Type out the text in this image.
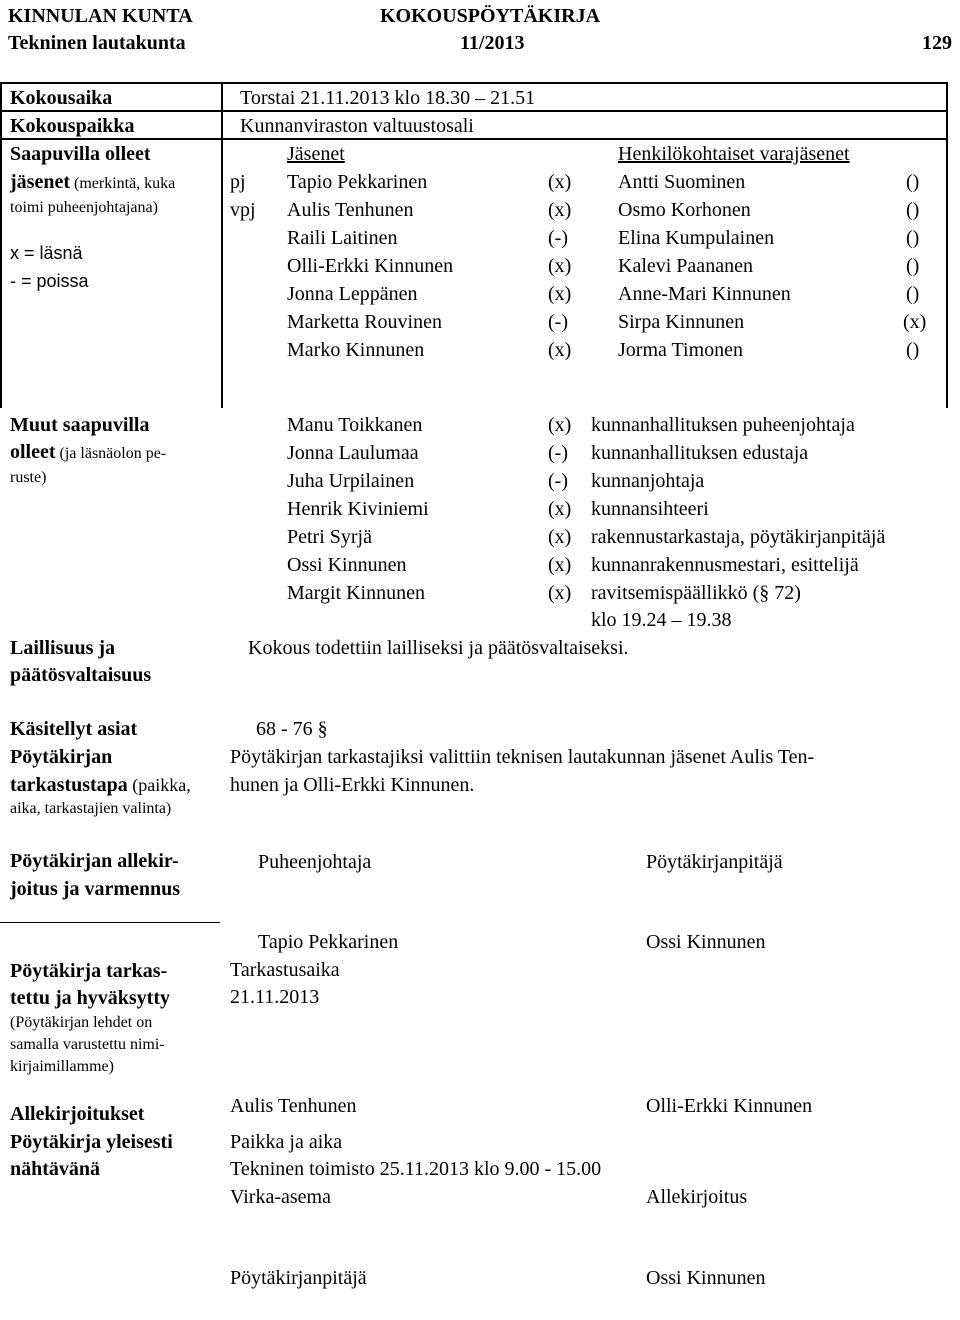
KINNULAN KUNTA	KOKOUSPÖYTÄKIRJA
Tekninen lautakunta	11/2013	129
Kokousaika	Torstai 21.11.2013 klo 18.30 – 21.51
Kokouspaikka	Kunnanviraston valtuustosali
Saapuvilla olleet
jäsenet (merkintä, kuka
toimi puheenjohtajana)
x = läsnä
- = poissa
Jäsenet	Henkilökohtaiset varajäsenet
pj Tapio Pekkarinen	(x) Antti Suominen	()
vpj Aulis Tenhunen	(x) Osmo Korhonen	()
Raili Laitinen	(-)	Elina Kumpulainen	()
Olli-Erkki Kinnunen	(x) Kalevi Paananen	()
Jonna Leppänen	(x) Anne-Mari Kinnunen	()
Marketta Rouvinen	(-)	Sirpa Kinnunen	(x)
Marko Kinnunen	(x) Jorma Timonen	()
Muut saapuvilla
olleet (ja läsnäolon pe-
ruste)
Manu Toikkanen	(x) kunnanhallituksen puheenjohtaja
Jonna Laulumaa	(-) kunnanhallituksen edustaja
Juha Urpilainen	(-) kunnanjohtaja
Henrik Kiviniemi	(x) kunnansihteeri
Petri Syrjä	(x) rakennustarkastaja, pöytäkirjanpitäjä
Ossi Kinnunen	(x) kunnanrakennusmestari, esittelijä
Margit Kinnunen	(x) ravitsemispäällikkö (§ 72)
klo 19.24 – 19.38
Laillisuus ja
päätösvaltaisuus
Kokous todettiin lailliseksi ja päätösvaltaiseksi.
Käsitellyt asiat	68 - 76 §
Pöytäkirjan
tarkastustapa (paikka,
aika, tarkastajien valinta)
Pöytäkirjan tarkastajiksi valittiin teknisen lautakunnan jäsenet Aulis Ten-
hunen ja Olli-Erkki Kinnunen.
Pöytäkirjan allekir-
joitus ja varmennus
Puheenjohtaja	Pöytäkirjanpitäjä
Tapio Pekkarinen	Ossi Kinnunen
Pöytäkirja tarkas-
tettu ja hyväksytty
(Pöytäkirjan lehdet on
samalla varustettu nimi-
kirjaimillamme)
Tarkastusaika
21.11.2013
Allekirjoitukset	Aulis Tenhunen	Olli-Erkki Kinnunen
Pöytäkirja yleisesti
nähtävänä
Paikka ja aika
Tekninen toimisto 25.11.2013 klo 9.00 - 15.00
Virka-asema	Allekirjoitus
Pöytäkirjanpitäjä	Ossi Kinnunen
